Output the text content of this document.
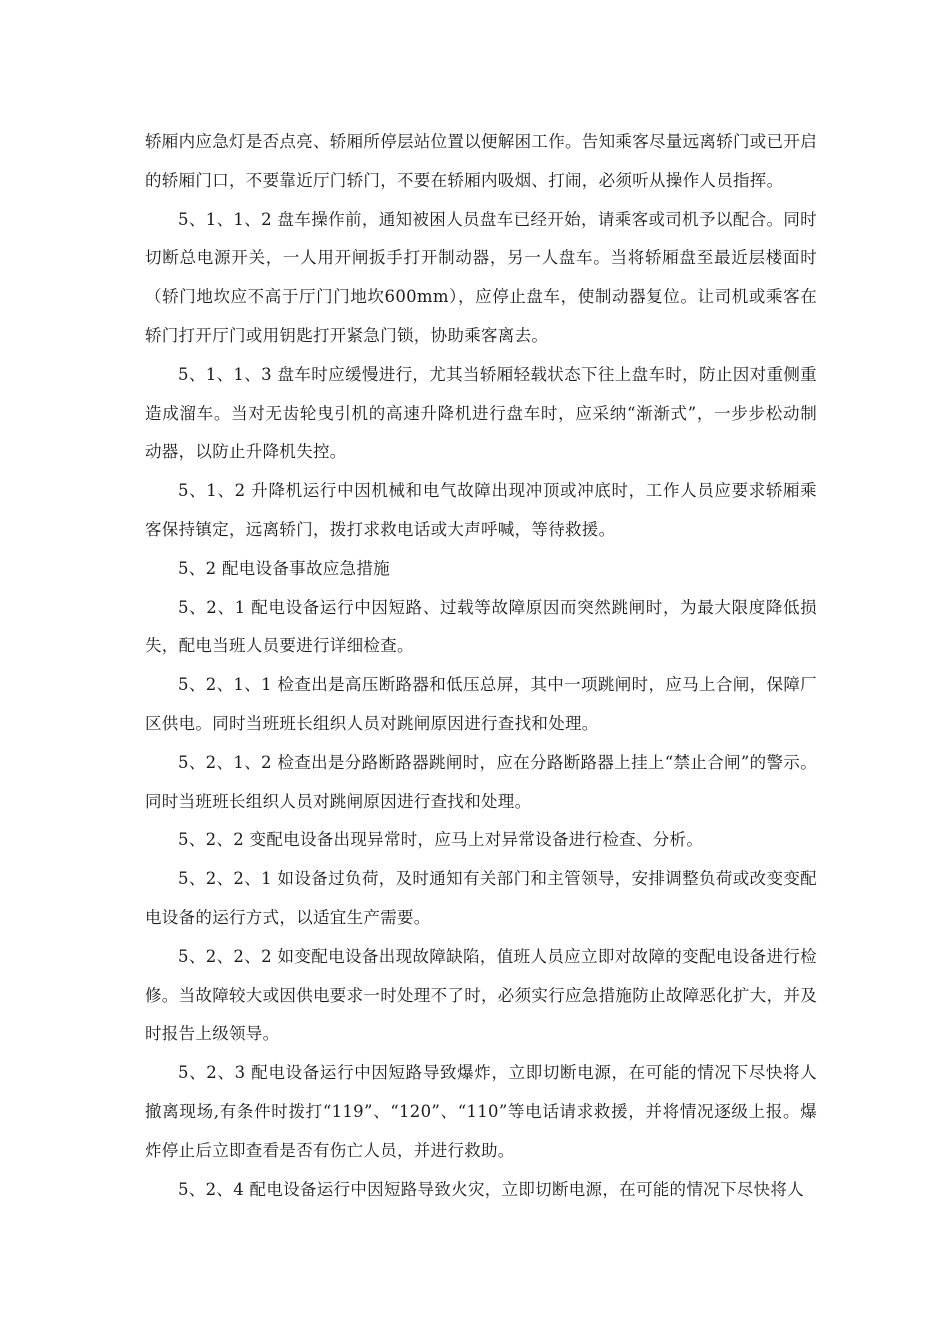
轿厢内应急灯是否点亮、轿厢所停层站位置以便解困工作。告知乘客尽量远离轿门或已开启的轿厢门口，不要靠近厅门轿门，不要在轿厢内吸烟、打闹，必须听从操作人员指挥。

5、1、1、2 盘车操作前，通知被困人员盘车已经开始，请乘客或司机予以配合。同时切断总电源开关，一人用开闸扳手打开制动器，另一人盘车。当将轿厢盘至最近层楼面时（轿门地坎应不高于厅门门地坎600mm），应停止盘车，使制动器复位。让司机或乘客在轿门打开厅门或用钥匙打开紧急门锁，协助乘客离去。

5、1、1、3 盘车时应缓慢进行，尤其当轿厢轻载状态下往上盘车时，防止因对重侧重造成溜车。当对无齿轮曳引机的高速升降机进行盘车时，应采纳“渐渐式”，一步步松动制动器，以防止升降机失控。

5、1、2 升降机运行中因机械和电气故障出现冲顶或冲底时，工作人员应要求轿厢乘客保持镇定，远离轿门，拨打求救电话或大声呼喊，等待救援。

5、2 配电设备事故应急措施

5、2、1 配电设备运行中因短路、过载等故障原因而突然跳闸时，为最大限度降低损失，配电当班人员要进行详细检查。

5、2、1、1 检查出是高压断路器和低压总屏，其中一项跳闸时，应马上合闸，保障厂区供电。同时当班班长组织人员对跳闸原因进行查找和处理。

5、2、1、2 检查出是分路断路器跳闸时，应在分路断路器上挂上“禁止合闸”的警示。同时当班班长组织人员对跳闸原因进行查找和处理。

5、2、2 变配电设备出现异常时，应马上对异常设备进行检查、分析。

5、2、2、1 如设备过负荷，及时通知有关部门和主管领导，安排调整负荷或改变变配电设备的运行方式，以适宜生产需要。

5、2、2、2 如变配电设备出现故障缺陷，值班人员应立即对故障的变配电设备进行检修。当故障较大或因供电要求一时处理不了时，必须实行应急措施防止故障恶化扩大，并及时报告上级领导。

5、2、3 配电设备运行中因短路导致爆炸，立即切断电源，在可能的情况下尽快将人撤离现场,有条件时拨打“119”、“120”、“110”等电话请求救援，并将情况逐级上报。爆炸停止后立即查看是否有伤亡人员，并进行救助。

5、2、4 配电设备运行中因短路导致火灾，立即切断电源，在可能的情况下尽快将人
